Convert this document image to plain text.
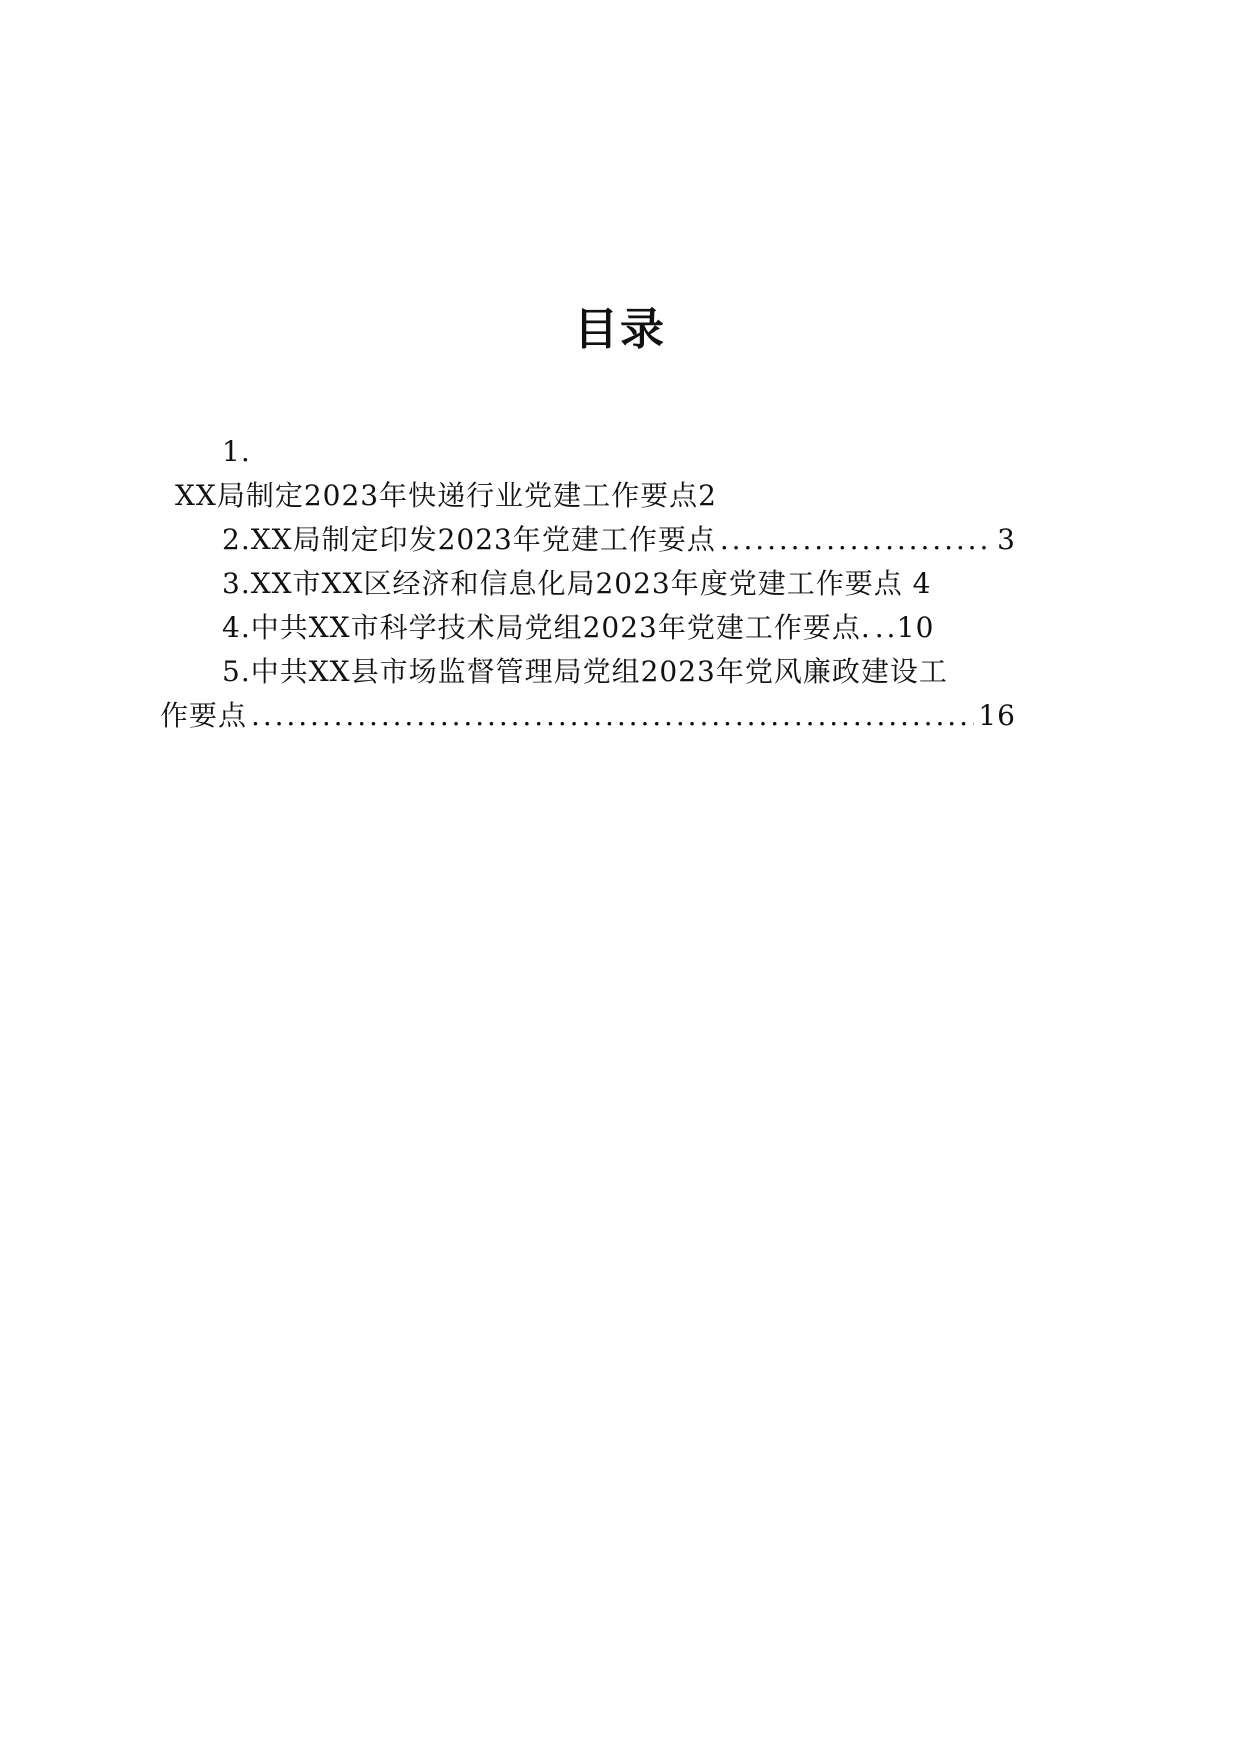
目录
1.
XX局制定2023年快递行业党建工作要点2
2.XX局制定印发2023年党建工作要点 . . .	3
3.XX市XX区经济和信息化局2023年度党建工作要点 4
4.中共XX市科学技术局党组2023年党建工作要点. . . . 10
5.中共XX县市场监督管理局党组2023年党风廉政建设工
作要点 . . .	16
